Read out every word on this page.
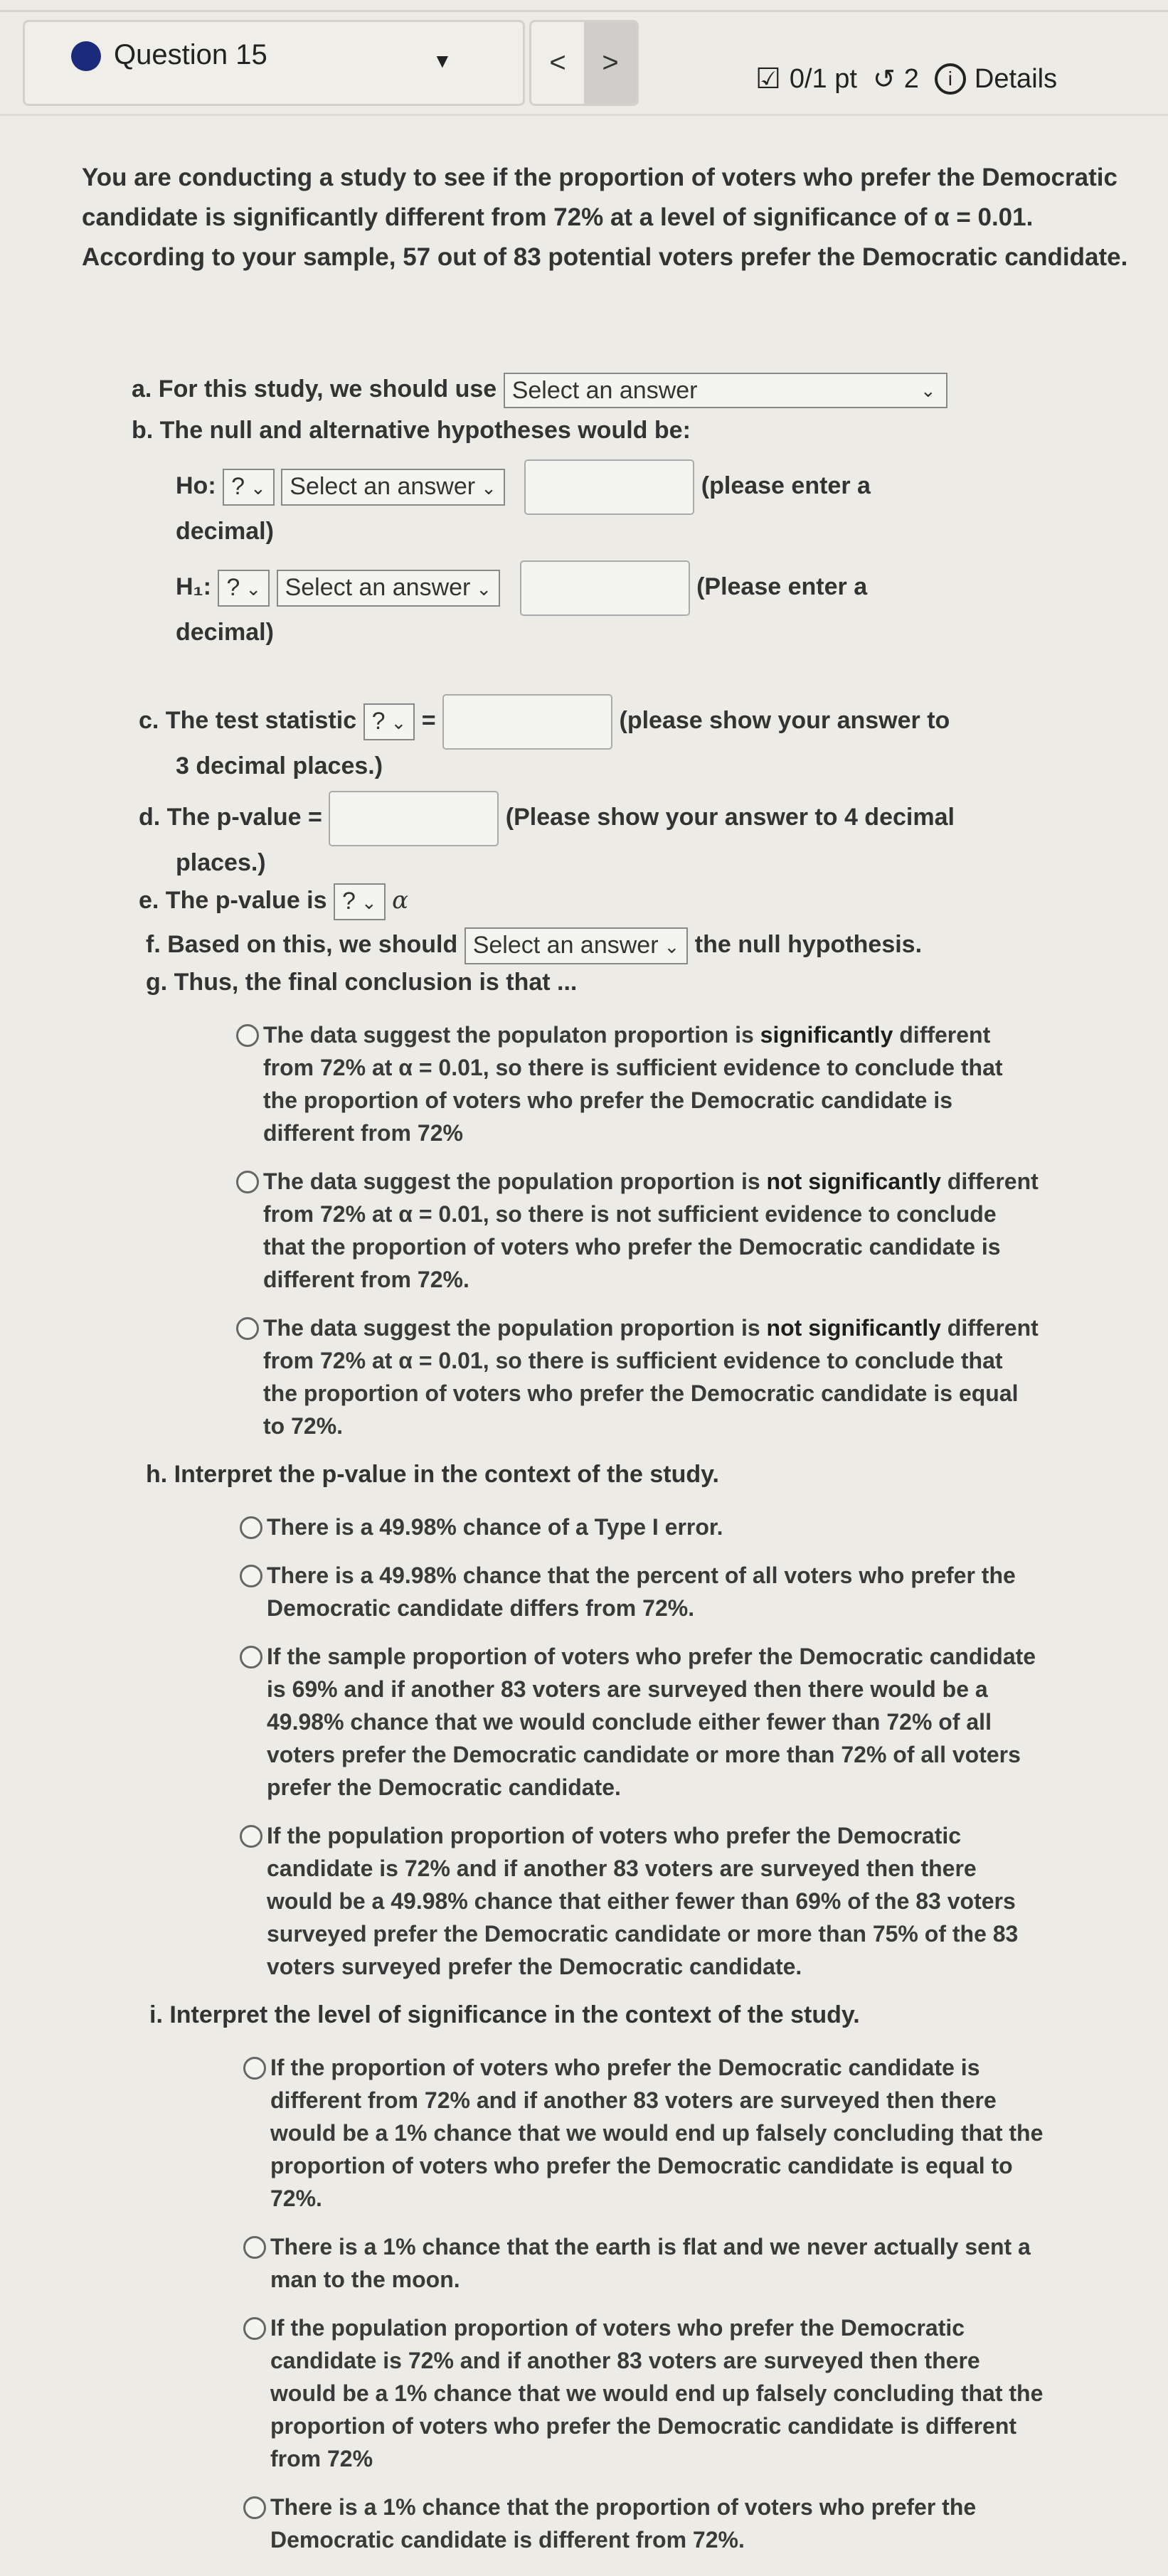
Question 15	▼	<	>
☑ 0/1 pt ↺ 2	i Details
You are conducting a study to see if the proportion of voters who prefer the Democratic candidate is significantly different from 72% at a level of significance of α = 0.01. According to your sample, 57 out of 83 potential voters prefer the Democratic candidate.
a. For this study, we should use Select an answer	⌄
b. The null and alternative hypotheses would be:
Ho: ? ⌄ Select an answer ⌄	(please enter a
decimal)
H₁: ? ⌄ Select an answer ⌄	(Please enter a
decimal)
c. The test statistic ? ⌄ =	(please show your answer to
3 decimal places.)
d. The p-value =	(Please show your answer to 4 decimal
places.)
e. The p-value is ? ⌄ α
f. Based on this, we should Select an answer ⌄ the null hypothesis.
g. Thus, the final conclusion is that ...
The data suggest the populaton proportion is significantly different from 72% at α = 0.01, so there is sufficient evidence to conclude that the proportion of voters who prefer the Democratic candidate is different from 72%
The data suggest the population proportion is not significantly different from 72% at α = 0.01, so there is not sufficient evidence to conclude that the proportion of voters who prefer the Democratic candidate is different from 72%.
The data suggest the population proportion is not significantly different from 72% at α = 0.01, so there is sufficient evidence to conclude that the proportion of voters who prefer the Democratic candidate is equal to 72%.
h. Interpret the p-value in the context of the study.
There is a 49.98% chance of a Type I error.
There is a 49.98% chance that the percent of all voters who prefer the Democratic candidate differs from 72%.
If the sample proportion of voters who prefer the Democratic candidate is 69% and if another 83 voters are surveyed then there would be a 49.98% chance that we would conclude either fewer than 72% of all voters prefer the Democratic candidate or more than 72% of all voters prefer the Democratic candidate.
If the population proportion of voters who prefer the Democratic candidate is 72% and if another 83 voters are surveyed then there would be a 49.98% chance that either fewer than 69% of the 83 voters surveyed prefer the Democratic candidate or more than 75% of the 83 voters surveyed prefer the Democratic candidate.
i. Interpret the level of significance in the context of the study.
If the proportion of voters who prefer the Democratic candidate is different from 72% and if another 83 voters are surveyed then there would be a 1% chance that we would end up falsely concluding that the proportion of voters who prefer the Democratic candidate is equal to 72%.
There is a 1% chance that the earth is flat and we never actually sent a man to the moon.
If the population proportion of voters who prefer the Democratic candidate is 72% and if another 83 voters are surveyed then there would be a 1% chance that we would end up falsely concluding that the proportion of voters who prefer the Democratic candidate is different from 72%
There is a 1% chance that the proportion of voters who prefer the Democratic candidate is different from 72%.
